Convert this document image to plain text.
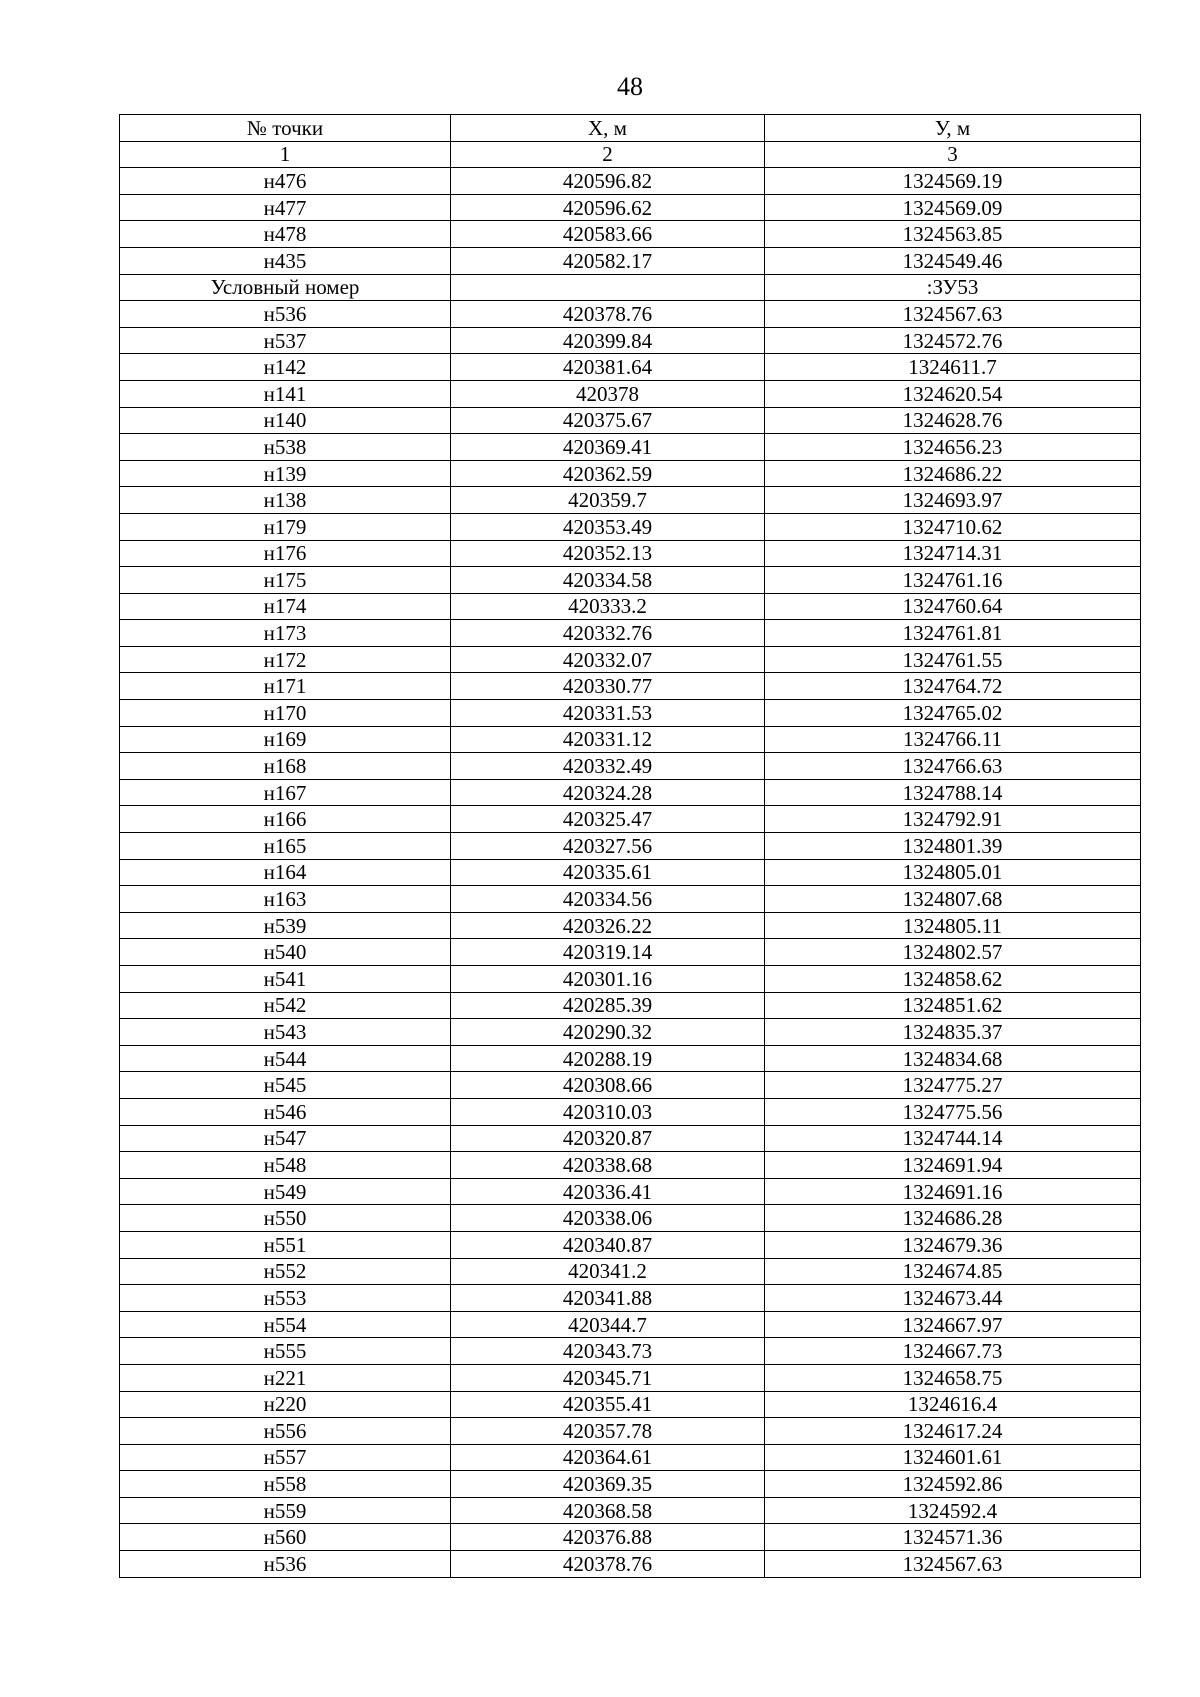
48
№ точки	Х, м	У, м
1	2	3
н476	420596.82	1324569.19
н477	420596.62	1324569.09
н478	420583.66	1324563.85
н435	420582.17	1324549.46
Условный номер		:ЗУ53
н536	420378.76	1324567.63
н537	420399.84	1324572.76
н142	420381.64	1324611.7
н141	420378	1324620.54
н140	420375.67	1324628.76
н538	420369.41	1324656.23
н139	420362.59	1324686.22
н138	420359.7	1324693.97
н179	420353.49	1324710.62
н176	420352.13	1324714.31
н175	420334.58	1324761.16
н174	420333.2	1324760.64
н173	420332.76	1324761.81
н172	420332.07	1324761.55
н171	420330.77	1324764.72
н170	420331.53	1324765.02
н169	420331.12	1324766.11
н168	420332.49	1324766.63
н167	420324.28	1324788.14
н166	420325.47	1324792.91
н165	420327.56	1324801.39
н164	420335.61	1324805.01
н163	420334.56	1324807.68
н539	420326.22	1324805.11
н540	420319.14	1324802.57
н541	420301.16	1324858.62
н542	420285.39	1324851.62
н543	420290.32	1324835.37
н544	420288.19	1324834.68
н545	420308.66	1324775.27
н546	420310.03	1324775.56
н547	420320.87	1324744.14
н548	420338.68	1324691.94
н549	420336.41	1324691.16
н550	420338.06	1324686.28
н551	420340.87	1324679.36
н552	420341.2	1324674.85
н553	420341.88	1324673.44
н554	420344.7	1324667.97
н555	420343.73	1324667.73
н221	420345.71	1324658.75
н220	420355.41	1324616.4
н556	420357.78	1324617.24
н557	420364.61	1324601.61
н558	420369.35	1324592.86
н559	420368.58	1324592.4
н560	420376.88	1324571.36
н536	420378.76	1324567.63
